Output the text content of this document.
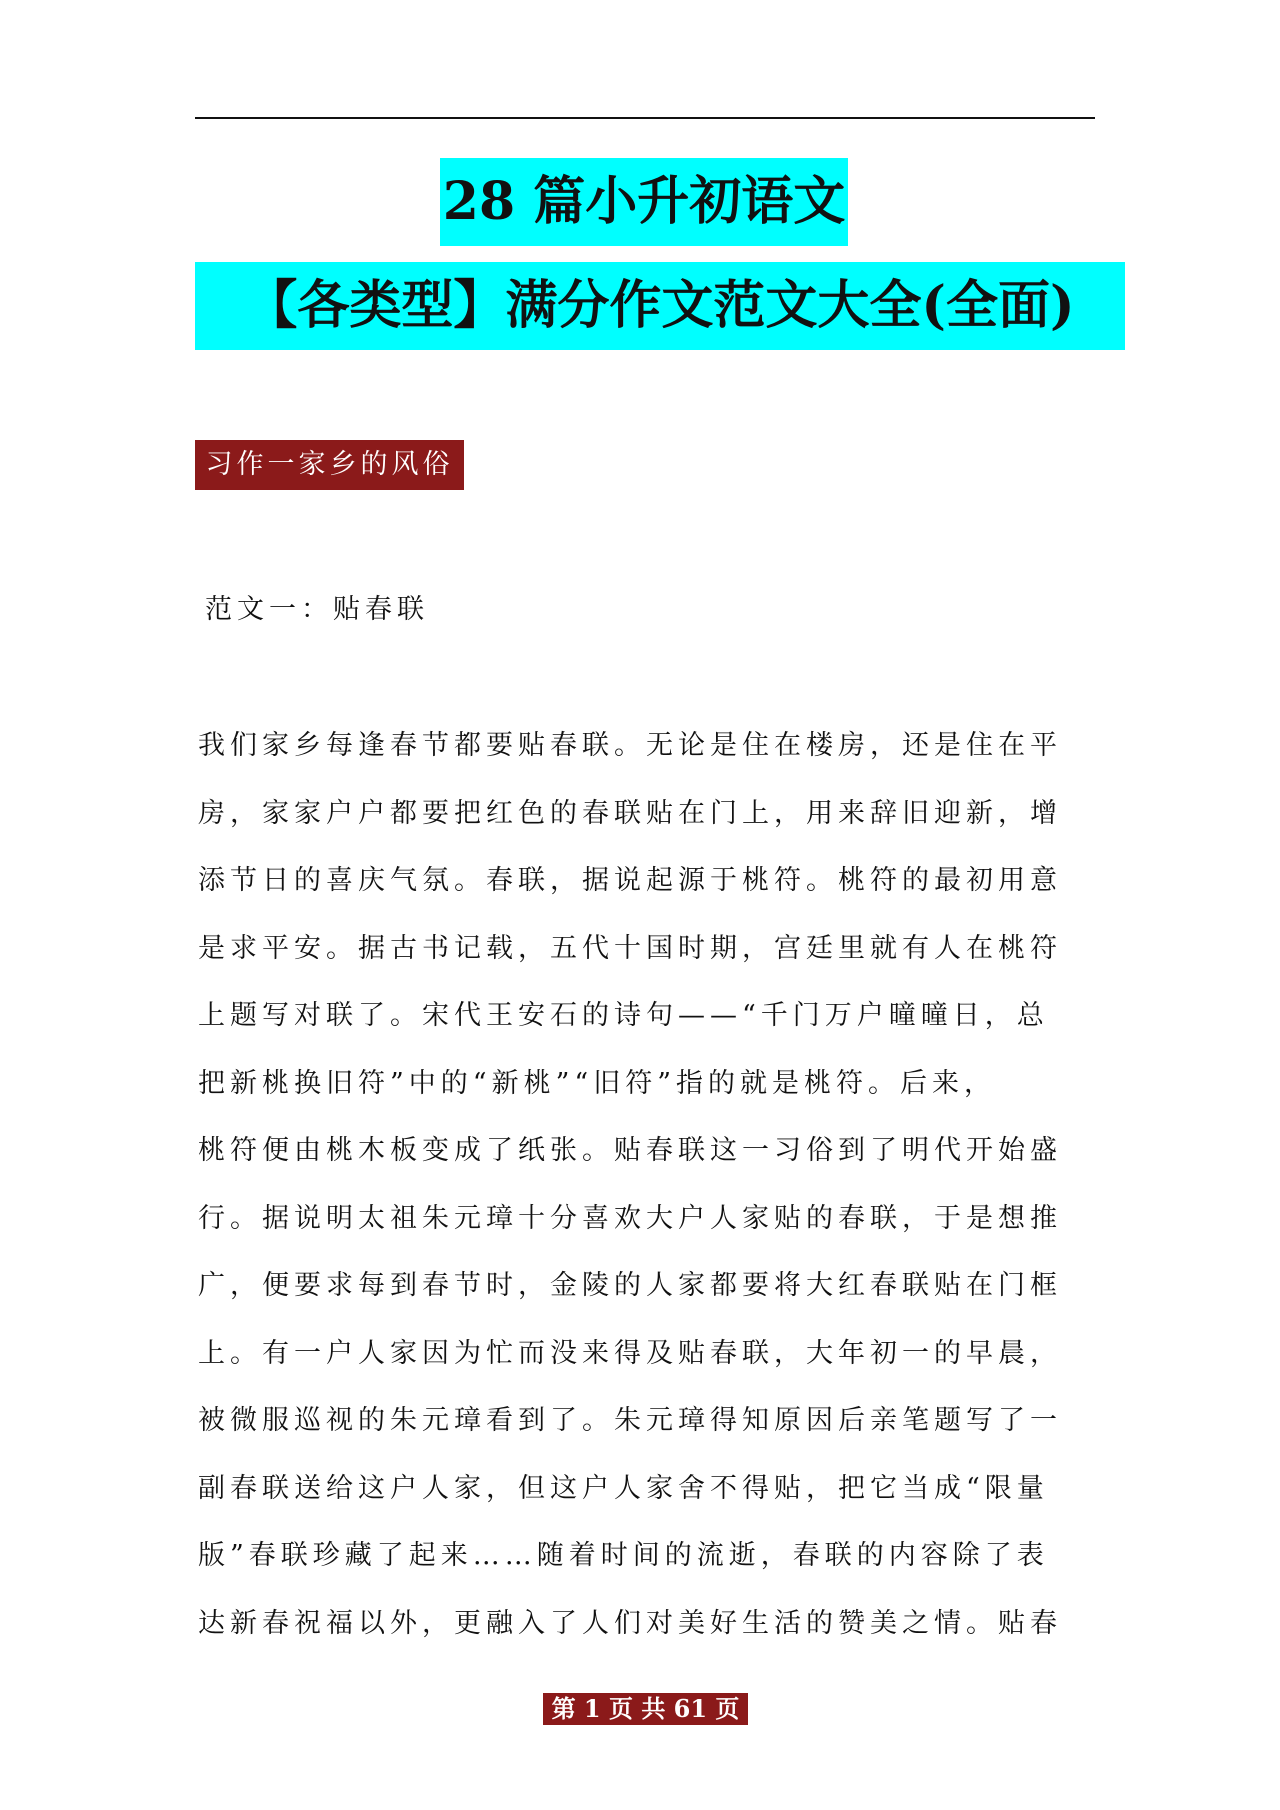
28 篇小升初语文
【各类型】满分作文范文大全(全面)
习作一家乡的风俗
范文一：贴春联
我们家乡每逢春节都要贴春联。无论是住在楼房，还是住在平
房，家家户户都要把红色的春联贴在门上，用来辞旧迎新，增
添节日的喜庆气氛。春联，据说起源于桃符。桃符的最初用意
是求平安。据古书记载，五代十国时期，宫廷里就有人在桃符
上题写对联了。宋代王安石的诗句——“千门万户曈曈日，总
把新桃换旧符”中的“新桃”“旧符”指的就是桃符。后来，
桃符便由桃木板变成了纸张。贴春联这一习俗到了明代开始盛
行。据说明太祖朱元璋十分喜欢大户人家贴的春联，于是想推
广，便要求每到春节时，金陵的人家都要将大红春联贴在门框
上。有一户人家因为忙而没来得及贴春联，大年初一的早晨，
被微服巡视的朱元璋看到了。朱元璋得知原因后亲笔题写了一
副春联送给这户人家，但这户人家舍不得贴，把它当成“限量
版”春联珍藏了起来……随着时间的流逝，春联的内容除了表
达新春祝福以外，更融入了人们对美好生活的赞美之情。贴春
第 1 页 共 61 页
